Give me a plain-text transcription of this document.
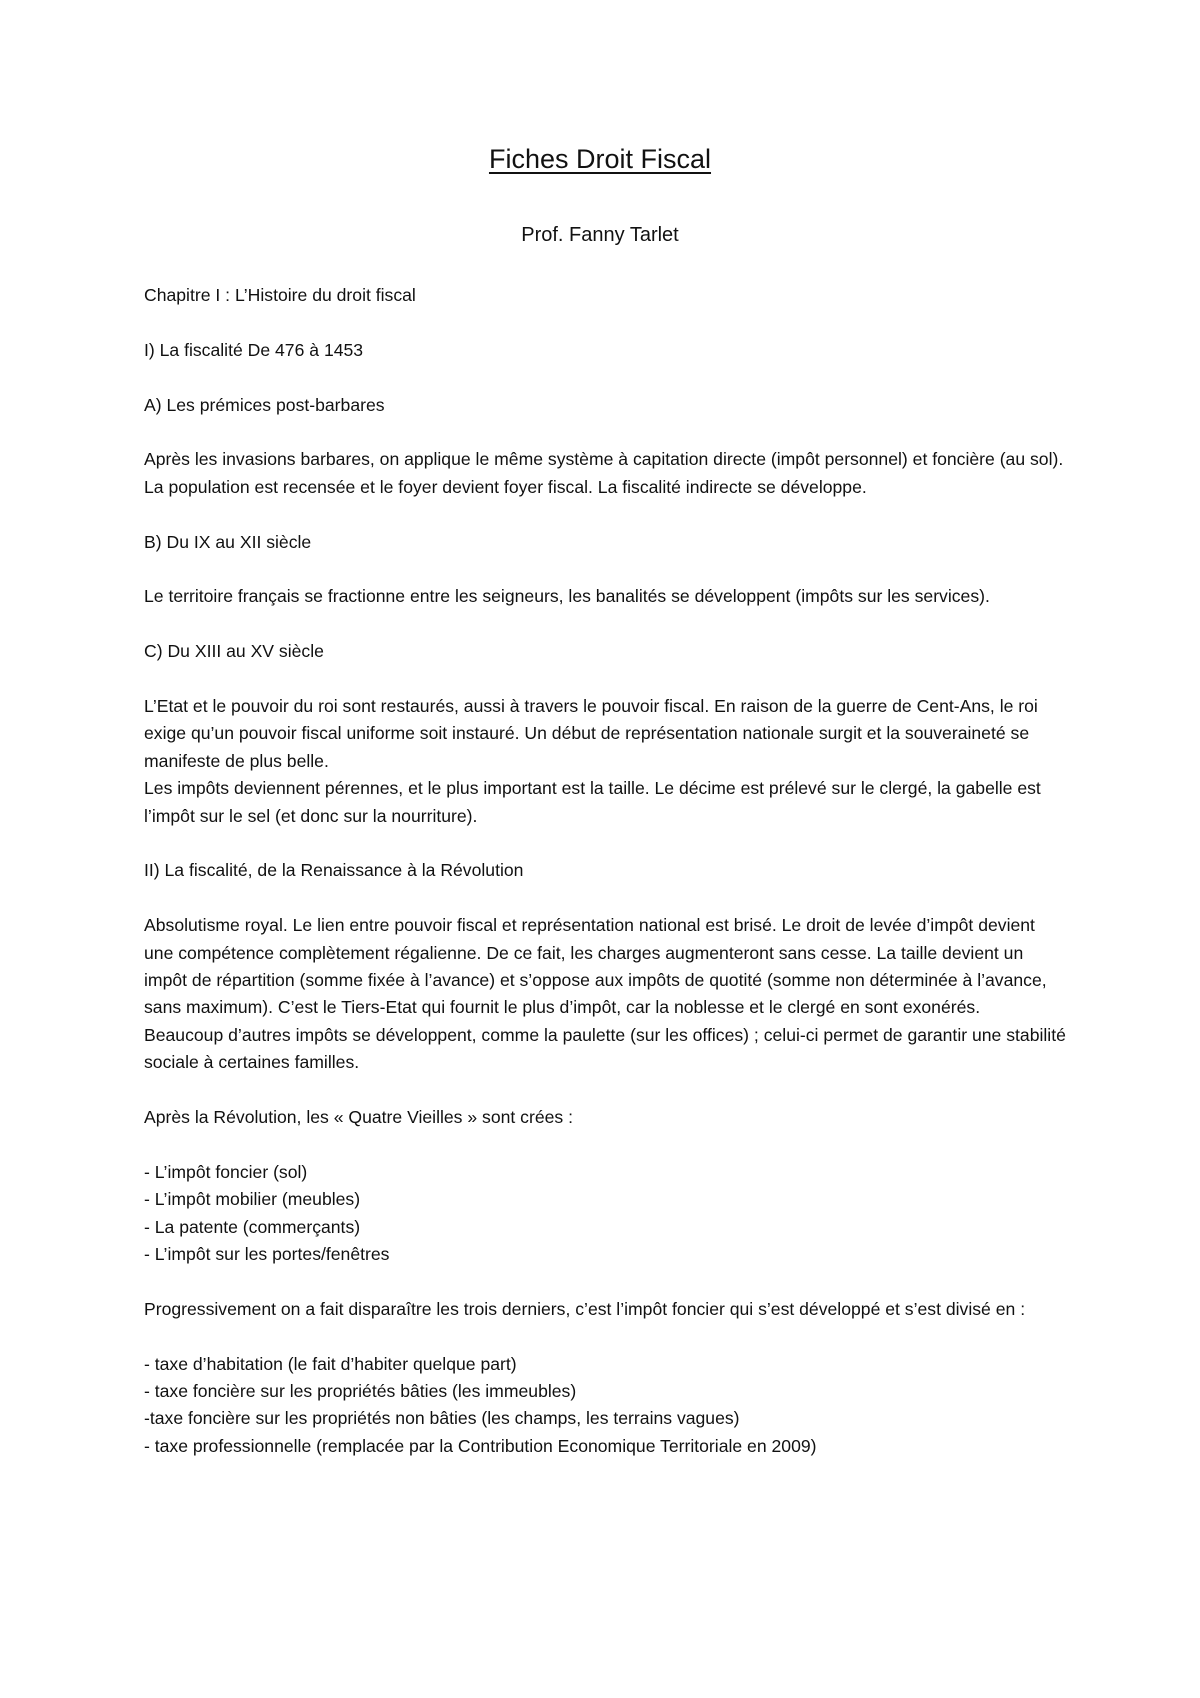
Fiches Droit Fiscal
Prof. Fanny Tarlet

Chapitre I : L’Histoire du droit fiscal

I) La fiscalité De 476 à 1453

A) Les prémices post-barbares

Après les invasions barbares, on applique le même système à capitation directe (impôt personnel) et foncière (au sol). La population est recensée et le foyer devient foyer fiscal. La fiscalité indirecte se développe.

B) Du IX au XII siècle

Le territoire français se fractionne entre les seigneurs, les banalités se développent (impôts sur les services).

C) Du XIII au XV siècle

L’Etat et le pouvoir du roi sont restaurés, aussi à travers le pouvoir fiscal. En raison de la guerre de Cent-Ans, le roi exige qu’un pouvoir fiscal uniforme soit instauré. Un début de représentation nationale surgit et la souveraineté se manifeste de plus belle.

Les impôts deviennent pérennes, et le plus important est la taille. Le décime est prélevé sur le clergé, la gabelle est l’impôt sur le sel (et donc sur la nourriture).

II) La fiscalité, de la Renaissance à la Révolution

Absolutisme royal. Le lien entre pouvoir fiscal et représentation national est brisé. Le droit de levée d’impôt devient une compétence complètement régalienne. De ce fait, les charges augmenteront sans cesse. La taille devient un impôt de répartition (somme fixée à l’avance) et s’oppose aux impôts de quotité (somme non déterminée à l’avance, sans maximum). C’est le Tiers-Etat qui fournit le plus d’impôt, car la noblesse et le clergé en sont exonérés.

Beaucoup d’autres impôts se développent, comme la paulette (sur les offices) ; celui-ci permet de garantir une stabilité sociale à certaines familles.

Après la Révolution, les « Quatre Vieilles » sont crées :

- L’impôt foncier (sol)
- L’impôt mobilier (meubles)
- La patente (commerçants)
- L’impôt sur les portes/fenêtres

Progressivement on a fait disparaître les trois derniers, c’est l’impôt foncier qui s’est développé et s’est divisé en :

- taxe d’habitation (le fait d’habiter quelque part)
- taxe foncière sur les propriétés bâties (les immeubles)
-taxe foncière sur les propriétés non bâties (les champs, les terrains vagues)
- taxe professionnelle (remplacée par la Contribution Economique Territoriale en 2009)
